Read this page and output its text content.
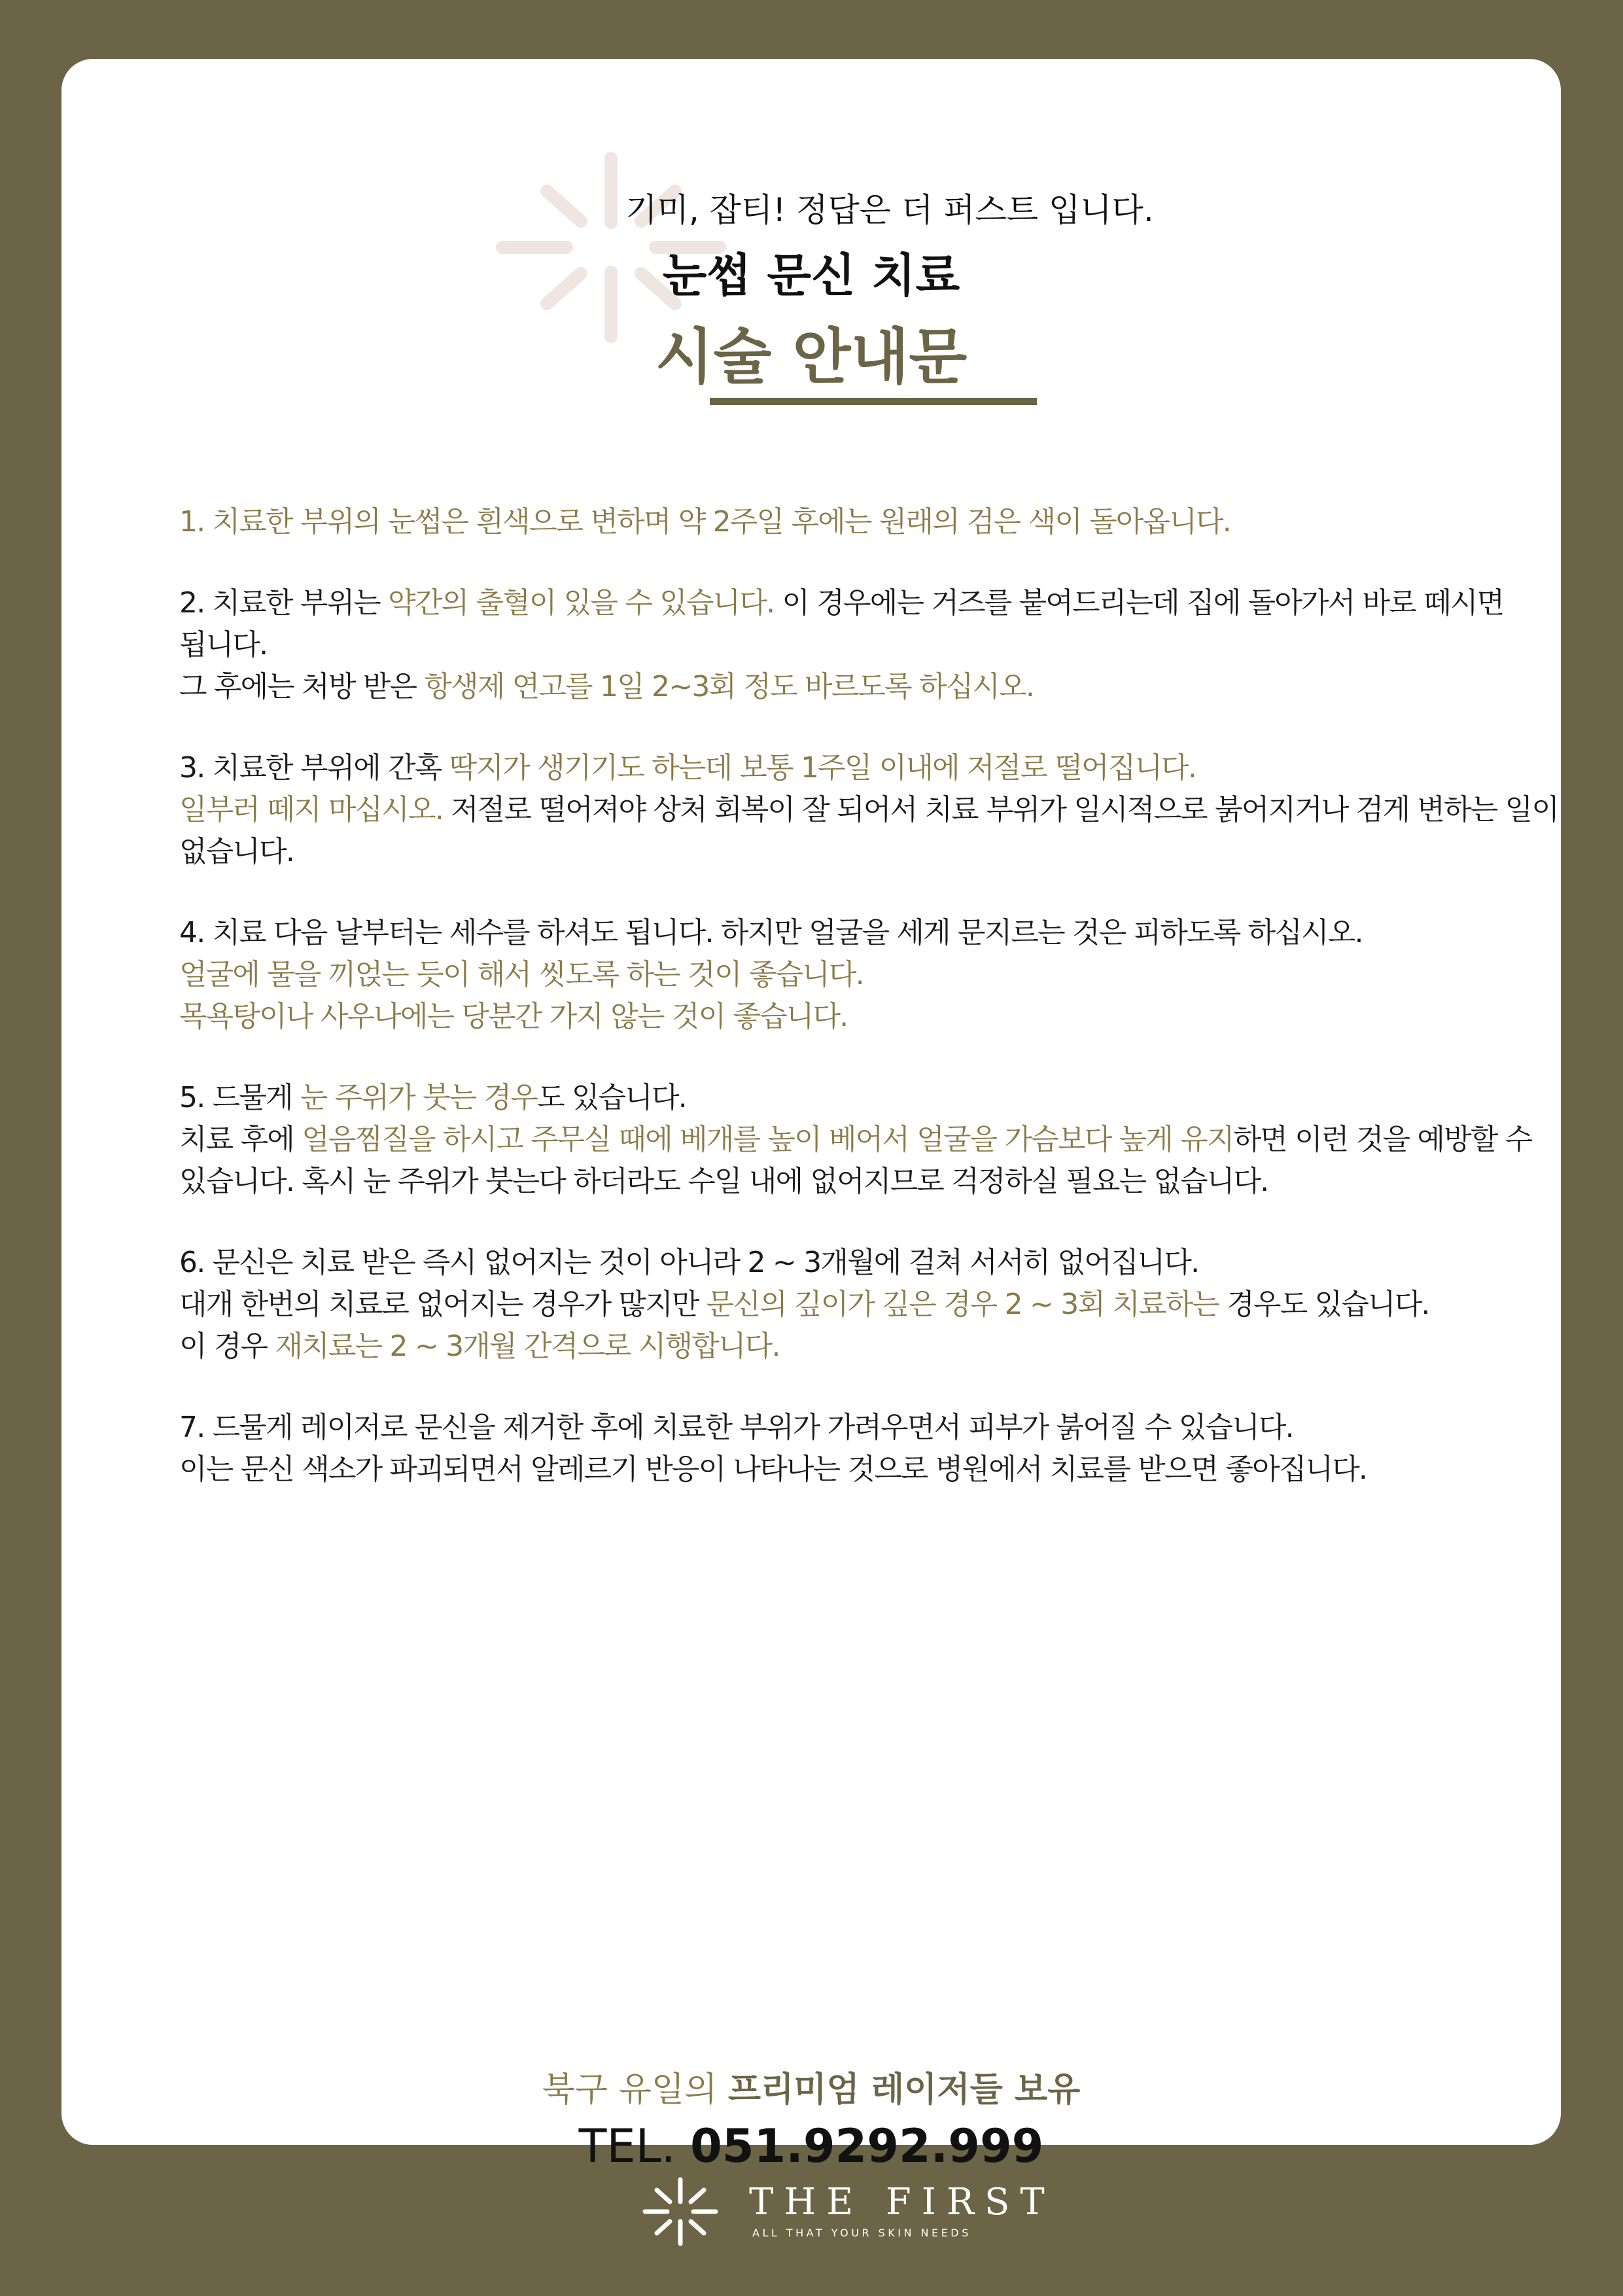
기미, 잡티! 정답은 더 퍼스트 입니다.
눈썹 문신 치료
시술 안내문
1. 치료한 부위의 눈썹은 흰색으로 변하며 약 2주일 후에는 원래의 검은 색이 돌아옵니다.
2. 치료한 부위는 약간의 출혈이 있을 수 있습니다. 이 경우에는 거즈를 붙여드리는데 집에 돌아가서 바로 떼시면
됩니다.
그 후에는 처방 받은 항생제 연고를 1일 2~3회 정도 바르도록 하십시오.
3. 치료한 부위에 간혹 딱지가 생기기도 하는데 보통 1주일 이내에 저절로 떨어집니다.
일부러 떼지 마십시오. 저절로 떨어져야 상처 회복이 잘 되어서 치료 부위가 일시적으로 붉어지거나 검게 변하는 일이
없습니다.
4. 치료 다음 날부터는 세수를 하셔도 됩니다. 하지만 얼굴을 세게 문지르는 것은 피하도록 하십시오.
얼굴에 물을 끼얹는 듯이 해서 씻도록 하는 것이 좋습니다.
목욕탕이나 사우나에는 당분간 가지 않는 것이 좋습니다.
5. 드물게 눈 주위가 붓는 경우도 있습니다.
치료 후에 얼음찜질을 하시고 주무실 때에 베개를 높이 베어서 얼굴을 가슴보다 높게 유지하면 이런 것을 예방할 수
있습니다. 혹시 눈 주위가 붓는다 하더라도 수일 내에 없어지므로 걱정하실 필요는 없습니다.
6. 문신은 치료 받은 즉시 없어지는 것이 아니라 2 ~ 3개월에 걸쳐 서서히 없어집니다.
대개 한번의 치료로 없어지는 경우가 많지만 문신의 깊이가 깊은 경우 2 ~ 3회 치료하는 경우도 있습니다.
이 경우 재치료는 2 ~ 3개월 간격으로 시행합니다.
7. 드물게 레이저로 문신을 제거한 후에 치료한 부위가 가려우면서 피부가 붉어질 수 있습니다.
이는 문신 색소가 파괴되면서 알레르기 반응이 나타나는 것으로 병원에서 치료를 받으면 좋아집니다.
북구 유일의 프리미엄 레이저들 보유
TEL. 051.9292.999
THE FIRST
ALL THAT YOUR SKIN NEEDS
